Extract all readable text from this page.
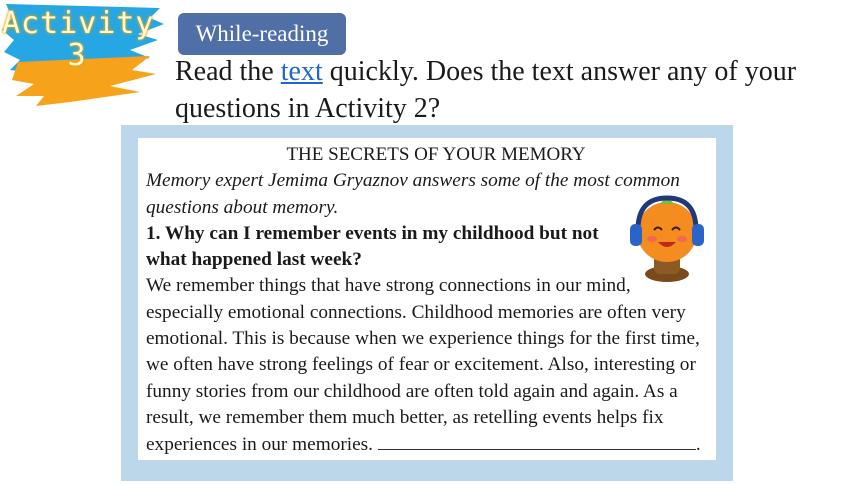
Activity
3
While-reading
Read the text quickly. Does the text answer any of your questions in Activity 2?
THE SECRETS OF YOUR MEMORY
Memory expert Jemima Gryaznov answers some of the most common questions about memory.
1. Why can I remember events in my childhood but not what happened last week?
We remember things that have strong connections in our mind, especially emotional connections. Childhood memories are often very emotional. This is because when we experience things for the first time, we often have strong feelings of fear or excitement. Also, interesting or funny stories from our childhood are often told again and again. As a result, we remember them much better, as retelling events helps fix experiences in our memories.	.
